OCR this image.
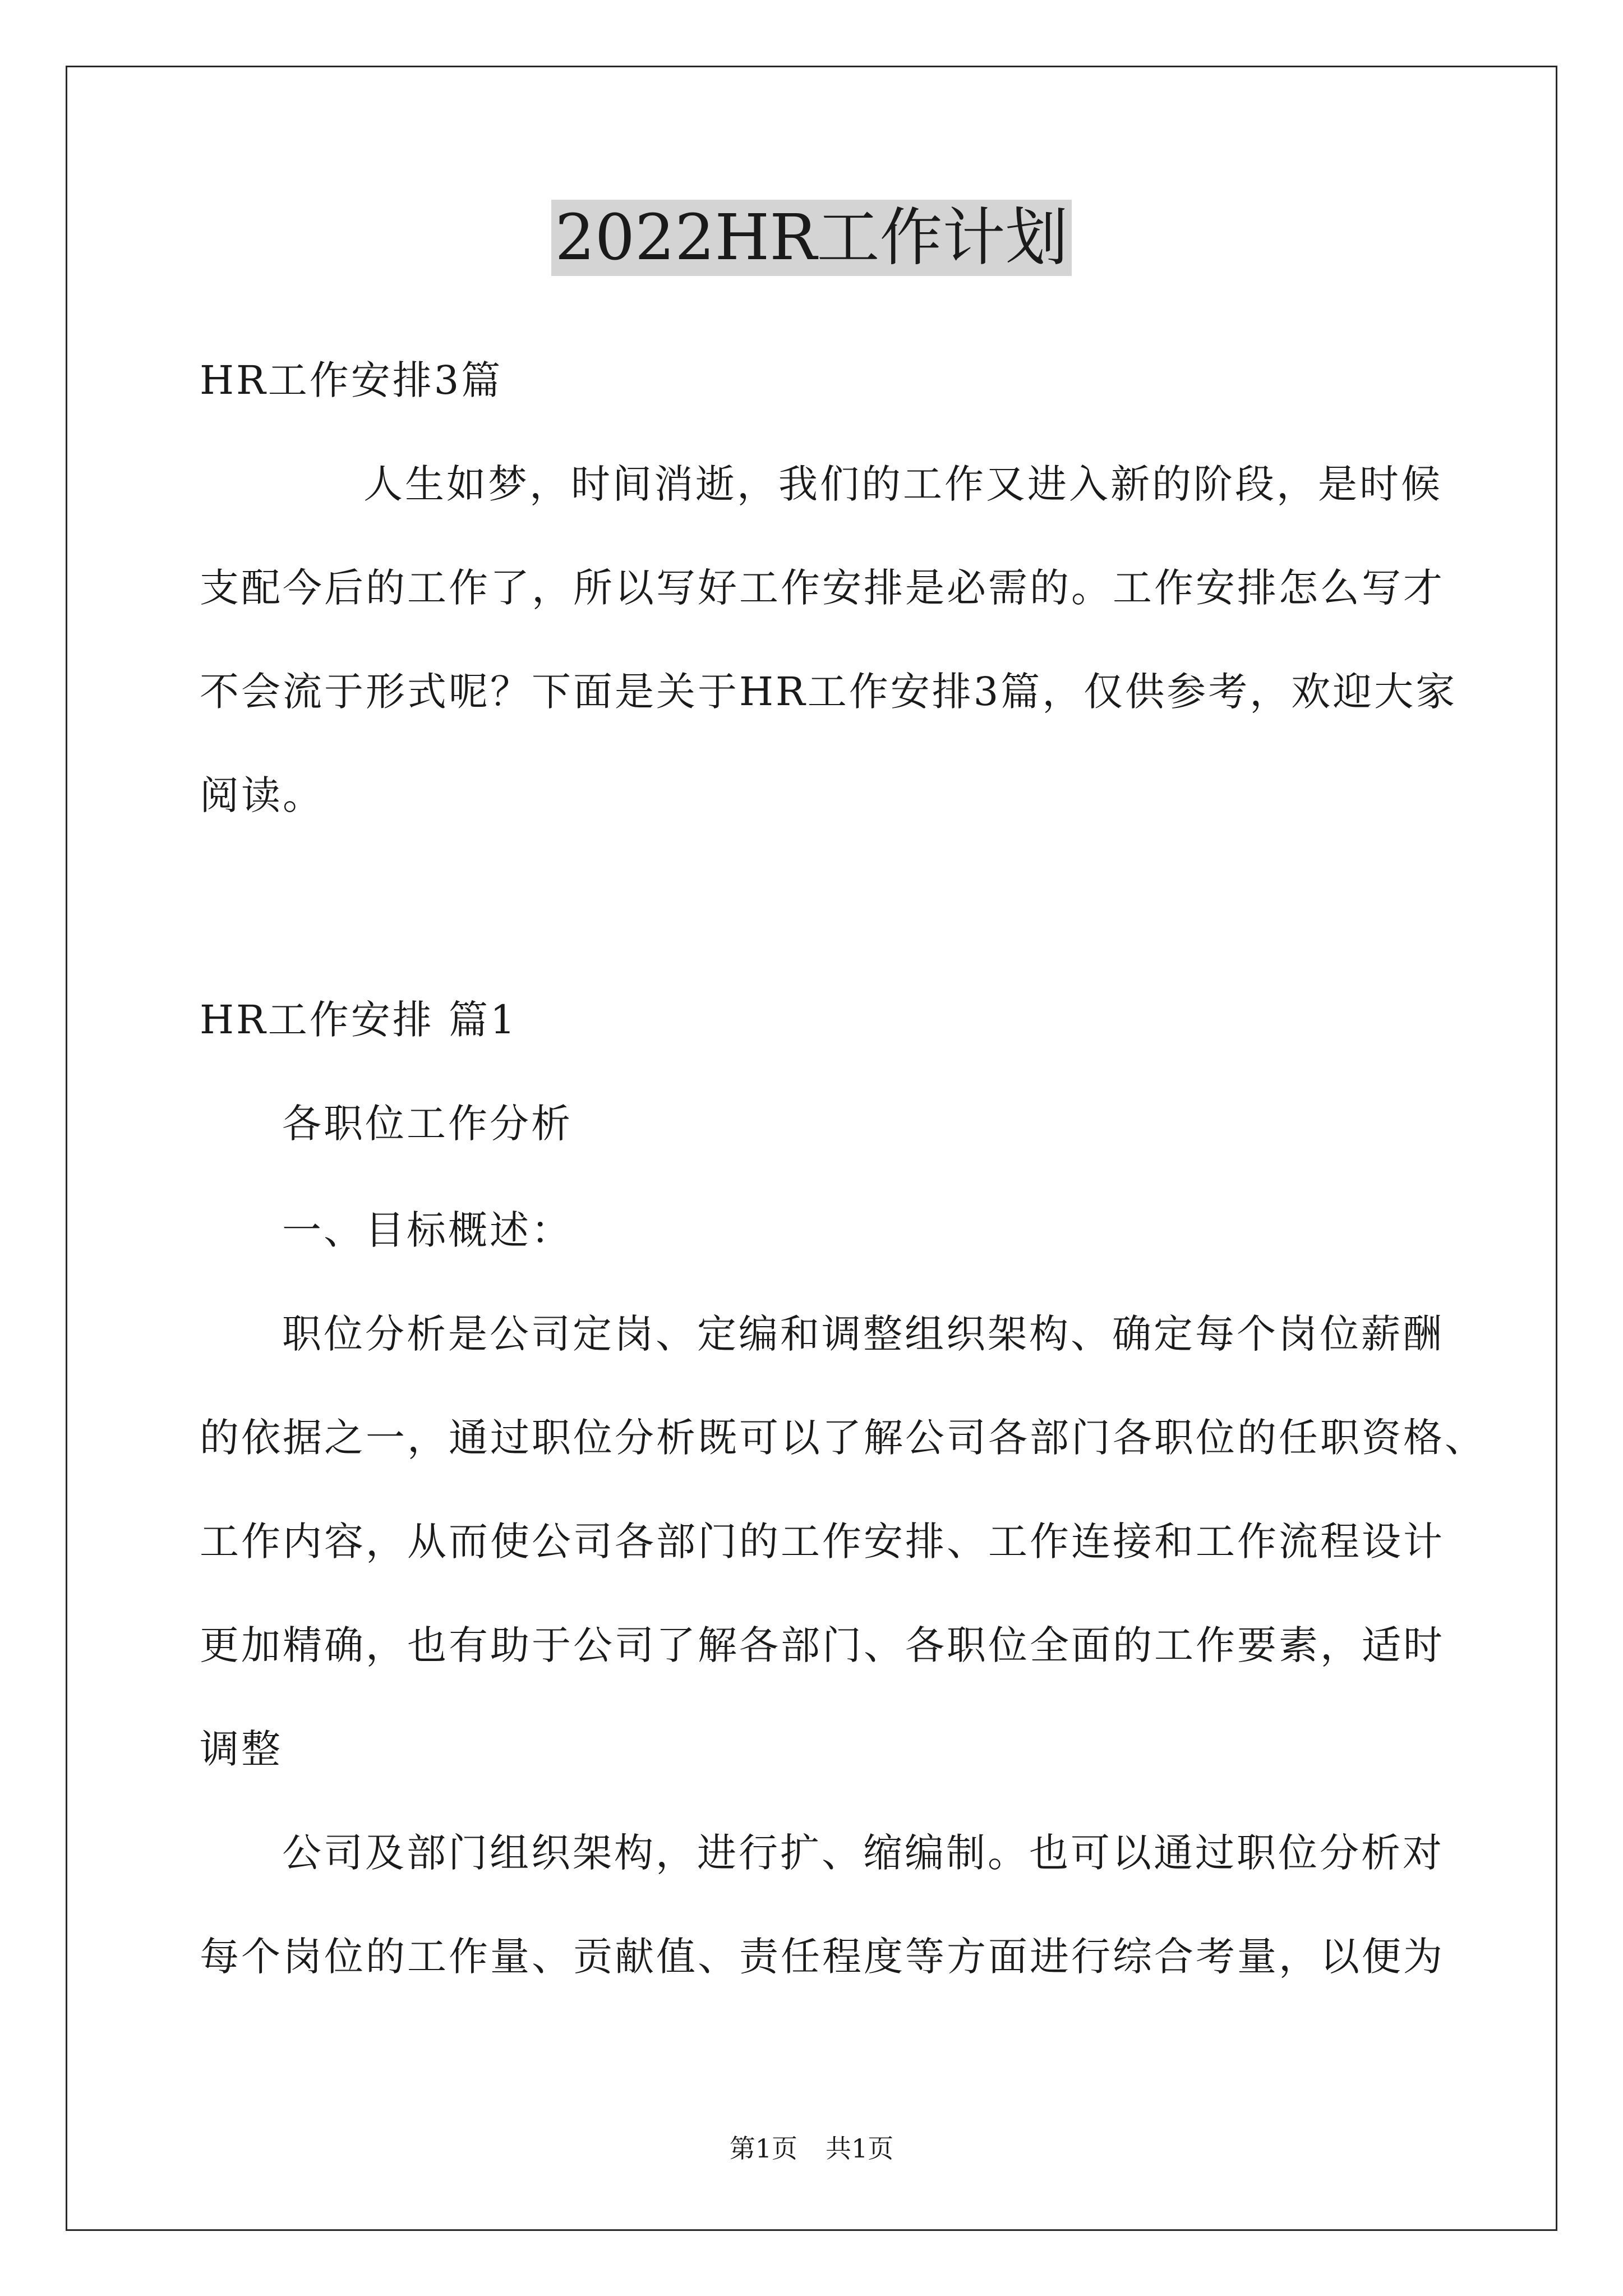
2022HR工作计划
HR工作安排3篇
人生如梦，时间消逝，我们的工作又进入新的阶段，是时候
支配今后的工作了，所以写好工作安排是必需的。工作安排怎么写才
不会流于形式呢？下面是关于HR工作安排3篇，仅供参考，欢迎大家
阅读。
HR工作安排 篇1
各职位工作分析
一、目标概述：
职位分析是公司定岗、定编和调整组织架构、确定每个岗位薪酬
的依据之一，通过职位分析既可以了解公司各部门各职位的任职资格、
工作内容，从而使公司各部门的工作安排、工作连接和工作流程设计
更加精确，也有助于公司了解各部门、各职位全面的工作要素，适时
调整
公司及部门组织架构，进行扩、缩编制。也可以通过职位分析对
每个岗位的工作量、贡献值、责任程度等方面进行综合考量，以便为
第1页 共1页
